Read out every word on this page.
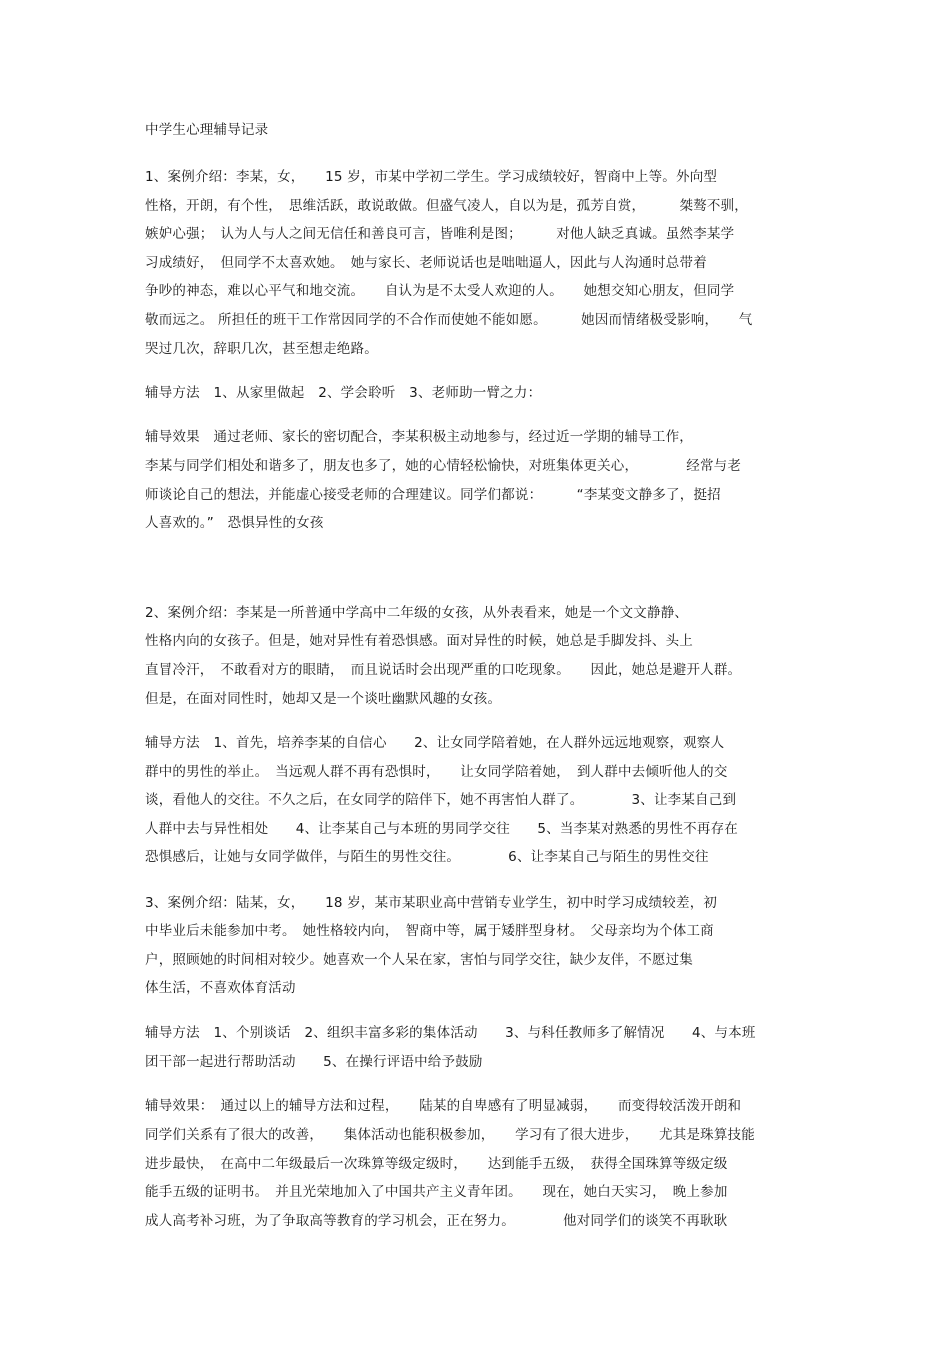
中学生心理辅导记录
1、案例介绍：李某，女，　　15 岁，市某中学初二学生。学习成绩较好，智商中上等。外向型
性格，开朗，有个性，　思维活跃，敢说敢做。但盛气凌人，自以为是，孤芳自赏，　　　桀骜不驯，
嫉妒心强；　认为人与人之间无信任和善良可言，皆唯利是图；　　　对他人缺乏真诚。虽然李某学
习成绩好，　但同学不太喜欢她。　她与家长、老师说话也是咄咄逼人，因此与人沟通时总带着
争吵的神态，难以心平气和地交流。　　自认为是不太受人欢迎的人。　　她想交知心朋友，但同学
敬而远之。 所担任的班干工作常因同学的不合作而使她不能如愿。　　　她因而情绪极受影响，　　气
哭过几次，辞职几次，甚至想走绝路。
辅导方法　1、从家里做起　2、学会聆听　3、老师助一臂之力：
辅导效果　通过老师、家长的密切配合，李某积极主动地参与，经过近一学期的辅导工作，
李某与同学们相处和谐多了，朋友也多了，她的心情轻松愉快，对班集体更关心，　　　　经常与老
师谈论自己的想法，并能虚心接受老师的合理建议。同学们都说：　　　“李某变文静多了，挺招
人喜欢的。”　恐惧异性的女孩
2、案例介绍：李某是一所普通中学高中二年级的女孩，从外表看来，她是一个文文静静、
性格内向的女孩子。但是，她对异性有着恐惧感。面对异性的时候，她总是手脚发抖、头上
直冒冷汗，　不敢看对方的眼睛，　而且说话时会出现严重的口吃现象。　　因此，她总是避开人群。
但是，在面对同性时，她却又是一个谈吐幽默风趣的女孩。
辅导方法　1、首先，培养李某的自信心　　2、让女同学陪着她，在人群外远远地观察，观察人
群中的男性的举止。　当远观人群不再有恐惧时，　　让女同学陪着她，　到人群中去倾听他人的交
谈，看他人的交往。不久之后，在女同学的陪伴下，她不再害怕人群了。　　　　3、让李某自己到
人群中去与异性相处　　4、让李某自己与本班的男同学交往　　5、当李某对熟悉的男性不再存在
恐惧感后，让她与女同学做伴，与陌生的男性交往。　　　　6、让李某自己与陌生的男性交往
3、案例介绍：陆某，女，　　18 岁，某市某职业高中营销专业学生，初中时学习成绩较差，初
中毕业后未能参加中考。　她性格较内向，　智商中等，属于矮胖型身材。　父母亲均为个体工商
户，照顾她的时间相对较少。她喜欢一个人呆在家，害怕与同学交往，缺少友伴，不愿过集
体生活，不喜欢体育活动
辅导方法　1、个别谈话　2、组织丰富多彩的集体活动　　3、与科任教师多了解情况　　4、与本班
团干部一起进行帮助活动　　5、在操行评语中给予鼓励
辅导效果：　通过以上的辅导方法和过程，　　陆某的自卑感有了明显减弱，　　而变得较活泼开朗和
同学们关系有了很大的改善，　　集体活动也能积极参加，　　学习有了很大进步，　　尤其是珠算技能
进步最快，　在高中二年级最后一次珠算等级定级时，　　达到能手五级，　获得全国珠算等级定级
能手五级的证明书。　并且光荣地加入了中国共产主义青年团。　　现在，她白天实习，　晚上参加
成人高考补习班，为了争取高等教育的学习机会，正在努力。　　　　他对同学们的谈笑不再耿耿
